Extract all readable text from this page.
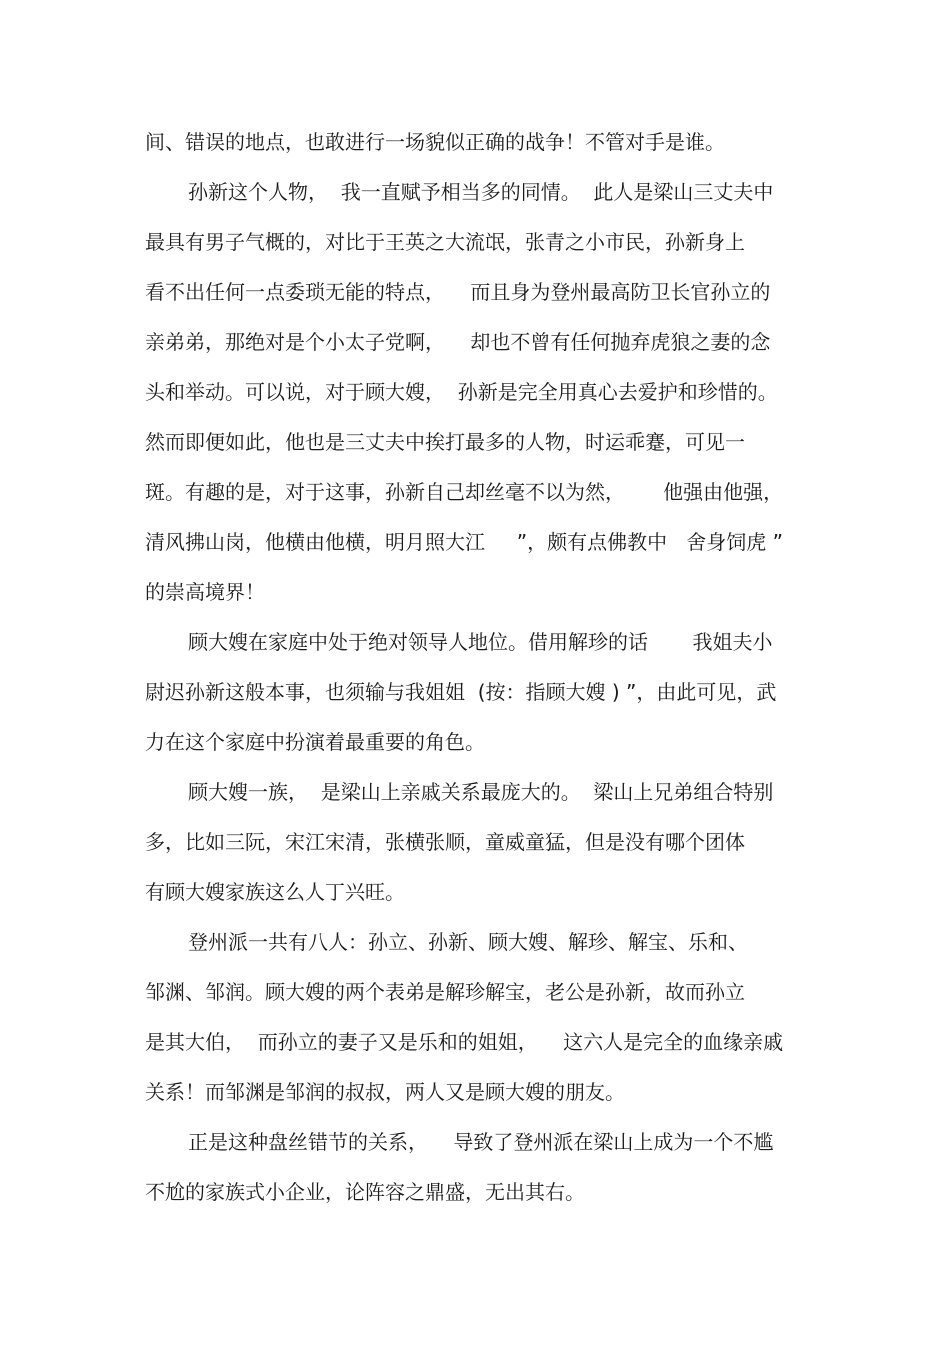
间、错误的地点，也敢进行一场貌似正确的战争！不管对手是谁。
孙新这个人物，  我一直赋予相当多的同情。  此人是梁山三丈夫中
最具有男子气概的，对比于王英之大流氓，张青之小市民，孙新身上
看不出任何一点委琐无能的特点，    而且身为登州最高防卫长官孙立的
亲弟弟，那绝对是个小太子党啊，    却也不曾有任何抛弃虎狼之妻的念
头和举动。可以说，对于顾大嫂，  孙新是完全用真心去爱护和珍惜的。
然而即便如此，他也是三丈夫中挨打最多的人物，时运乖蹇，可见一
斑。有趣的是，对于这事，孙新自己却丝毫不以为然，      他强由他强，
清风拂山岗，他横由他横，明月照大江     ”，颇有点佛教中   舍身饲虎 ”
的崇高境界！
顾大嫂在家庭中处于绝对领导人地位。借用解珍的话       我姐夫小
尉迟孙新这般本事，也须输与我姐姐  (按：指顾大嫂 ) ”，由此可见，武
力在这个家庭中扮演着最重要的角色。
顾大嫂一族，  是梁山上亲戚关系最庞大的。  梁山上兄弟组合特别
多，比如三阮，宋江宋清，张横张顺，童威童猛，但是没有哪个团体
有顾大嫂家族这么人丁兴旺。
登州派一共有八人：孙立、孙新、顾大嫂、解珍、解宝、乐和、
邹渊、邹润。顾大嫂的两个表弟是解珍解宝，老公是孙新，故而孙立
是其大伯，  而孙立的妻子又是乐和的姐姐，    这六人是完全的血缘亲戚
关系！而邹渊是邹润的叔叔，两人又是顾大嫂的朋友。
正是这种盘丝错节的关系，    导致了登州派在梁山上成为一个不尴
不尬的家族式小企业，论阵容之鼎盛，无出其右。
